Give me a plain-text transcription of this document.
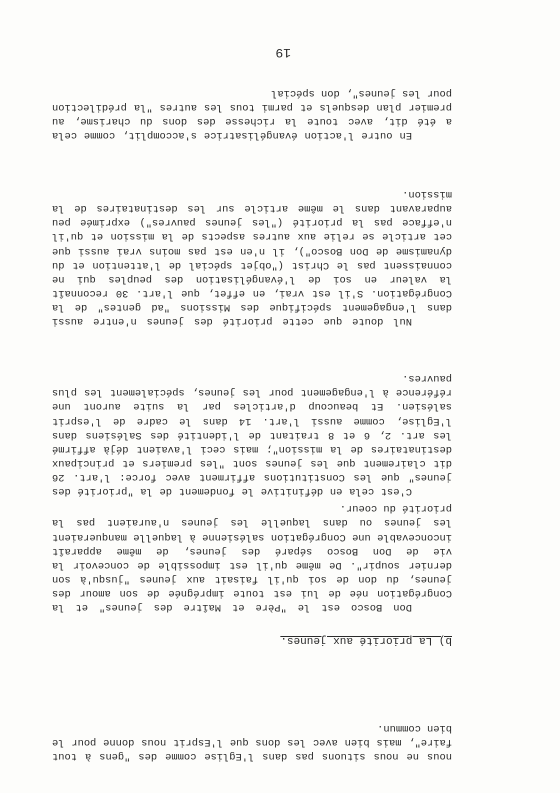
nous ne nous situons pas dans l'Eglise comme des "gens à tout faire", mais bien avec les dons que l'Esprit nous donne pour le bien commun.
b) La priorité aux jeunes.
Don Bosco est le "Père et Maître des jeunes" et la Congrégation née de lui est toute imprégnée de son amour des jeunes, du don de soi qu'il faisait aux jeunes "jusqu'à son dernier soupir". De même qu'il est impossible de concevoir la vie de Don Bosco séparé des jeunes, de même apparaît inconcevable une Congrégation salésienne à laquelle manqueraient les jeunes ou dans laquelle les jeunes n'auraient pas la priorité du coeur.
C'est cela en définitive le fondement de la "priorité des jeunes" que les Constitutions affirment avec force: l'art. 26 dit clairement que les jeunes sont "les premiers et principaux destinataires de la mission"; mais ceci l'avaient déjà affirmé les art. 2, 6 et 8 traitant de l'identité des Salésiens dans l'Eglise, comme aussi l'art. 14 dans le cadre de l'esprit salésien. Et beaucoup d'articles par la suite auront une référence à l'engagement pour les jeunes, spécialement les plus pauvres.
Nul doute que cette priorité des jeunes n'entre aussi dans l'engagement spécifique des Missions "ad gentes" de la Congrégation. S'il est vrai, en effet, que l'art. 30 reconnaît la valeur en soi de l'évangélisation des peuples qui ne connaissent pas le Christ ("objet spécial de l'attention et du dynamisme de Don Bosco"), il n'en est pas moins vrai aussi que cet article se relie aux autres aspects de la mission et qu'il n'efface pas la priorité ("les jeunes pauvres") exprimée peu auparavant dans le même article sur les destinataires de la mission.
En outre l'action évangélisatrice s'accomplit, comme cela a été dit, avec toute la richesse des dons du charisme, au premier plan desquels et parmi tous les autres "la prédilection pour les jeunes", don spécial
19
